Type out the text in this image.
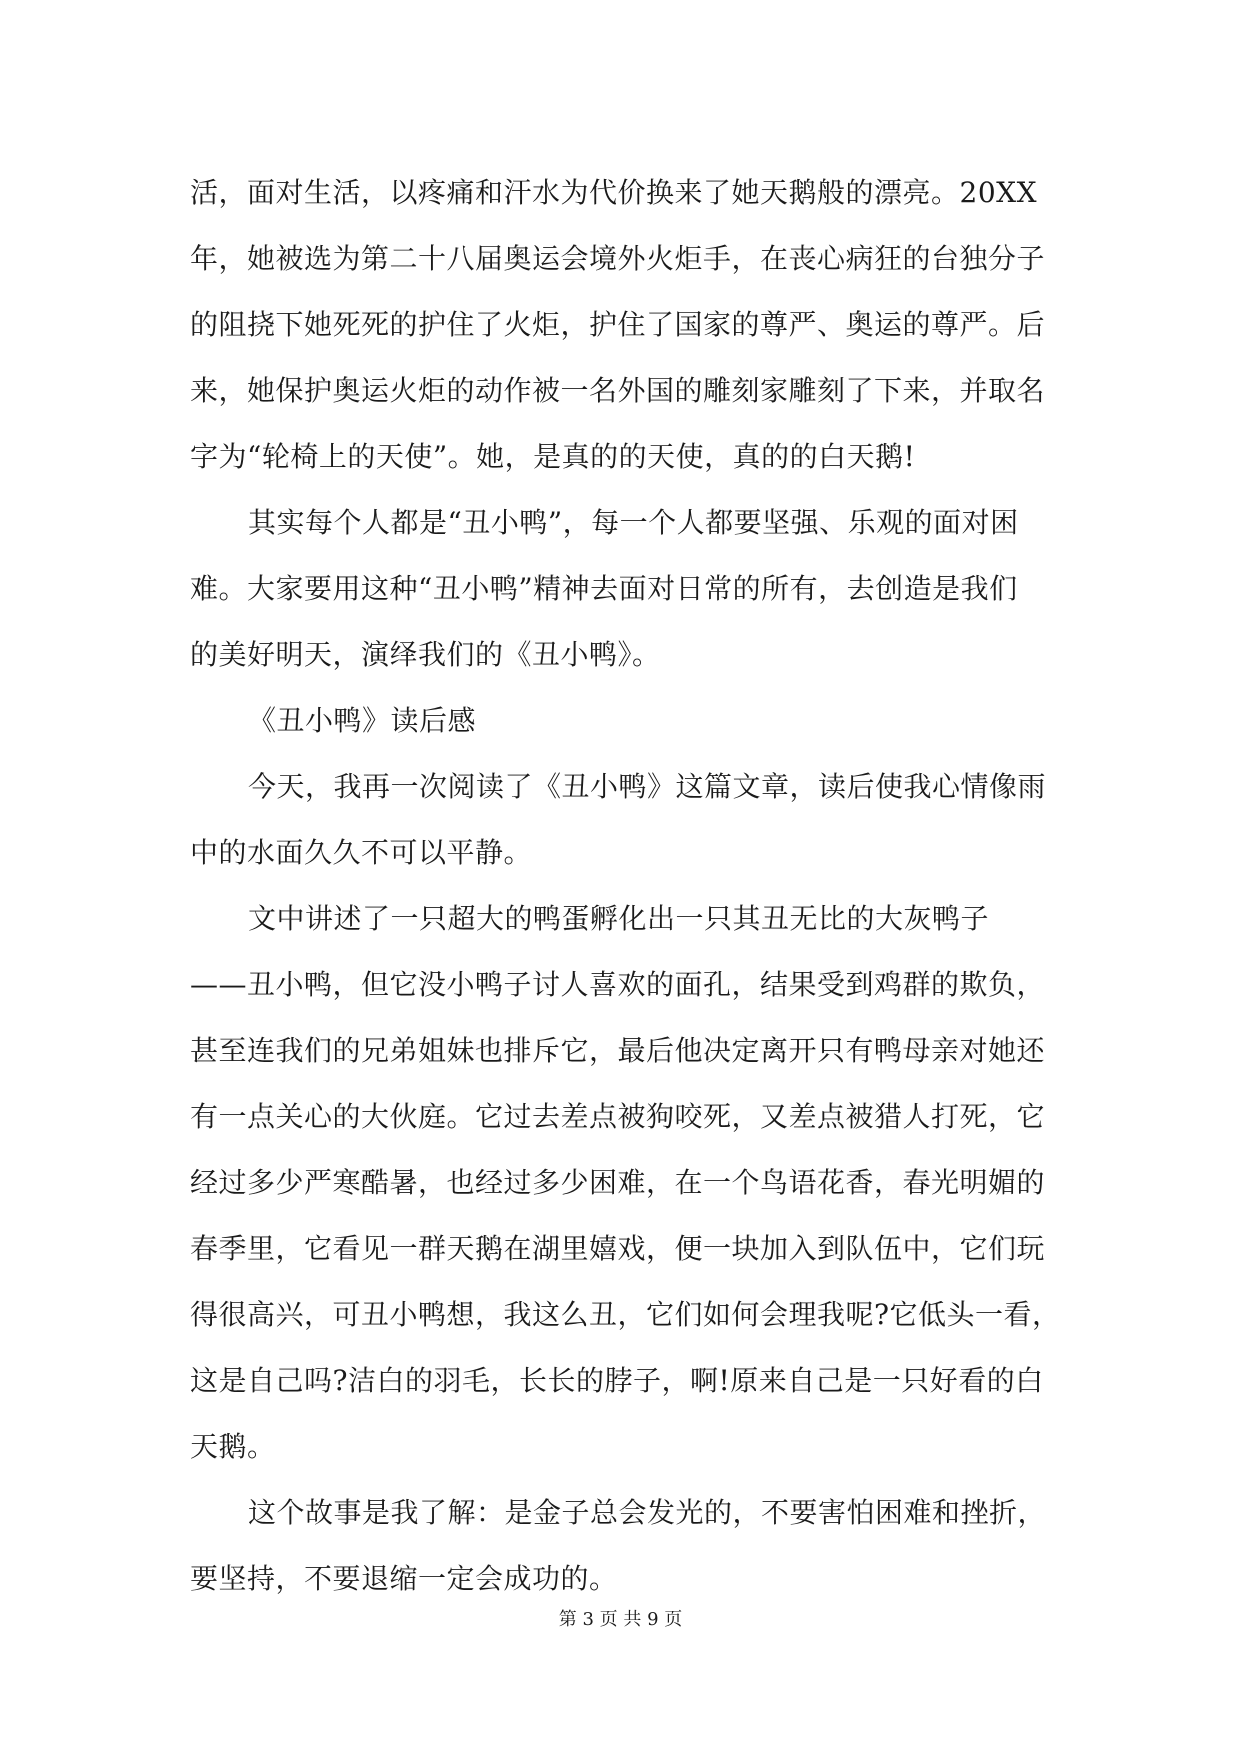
活，面对生活，以疼痛和汗水为代价换来了她天鹅般的漂亮。20XX
年，她被选为第二十八届奥运会境外火炬手，在丧心病狂的台独分子
的阻挠下她死死的护住了火炬，护住了国家的尊严、奥运的尊严。后
来，她保护奥运火炬的动作被一名外国的雕刻家雕刻了下来，并取名
字为“轮椅上的天使”。她，是真的的天使，真的的白天鹅!
其实每个人都是“丑小鸭”，每一个人都要坚强、乐观的面对困
难。大家要用这种“丑小鸭”精神去面对日常的所有，去创造是我们
的美好明天，演绎我们的《丑小鸭》。
《丑小鸭》读后感
今天，我再一次阅读了《丑小鸭》这篇文章，读后使我心情像雨
中的水面久久不可以平静。
文中讲述了一只超大的鸭蛋孵化出一只其丑无比的大灰鸭子
——丑小鸭，但它没小鸭子讨人喜欢的面孔，结果受到鸡群的欺负，
甚至连我们的兄弟姐妹也排斥它，最后他决定离开只有鸭母亲对她还
有一点关心的大伙庭。它过去差点被狗咬死，又差点被猎人打死，它
经过多少严寒酷暑，也经过多少困难，在一个鸟语花香，春光明媚的
春季里，它看见一群天鹅在湖里嬉戏，便一块加入到队伍中，它们玩
得很高兴，可丑小鸭想，我这么丑，它们如何会理我呢?它低头一看，
这是自己吗?洁白的羽毛，长长的脖子，啊!原来自己是一只好看的白
天鹅。
这个故事是我了解：是金子总会发光的，不要害怕困难和挫折，
要坚持，不要退缩一定会成功的。
第 3 页 共 9 页
